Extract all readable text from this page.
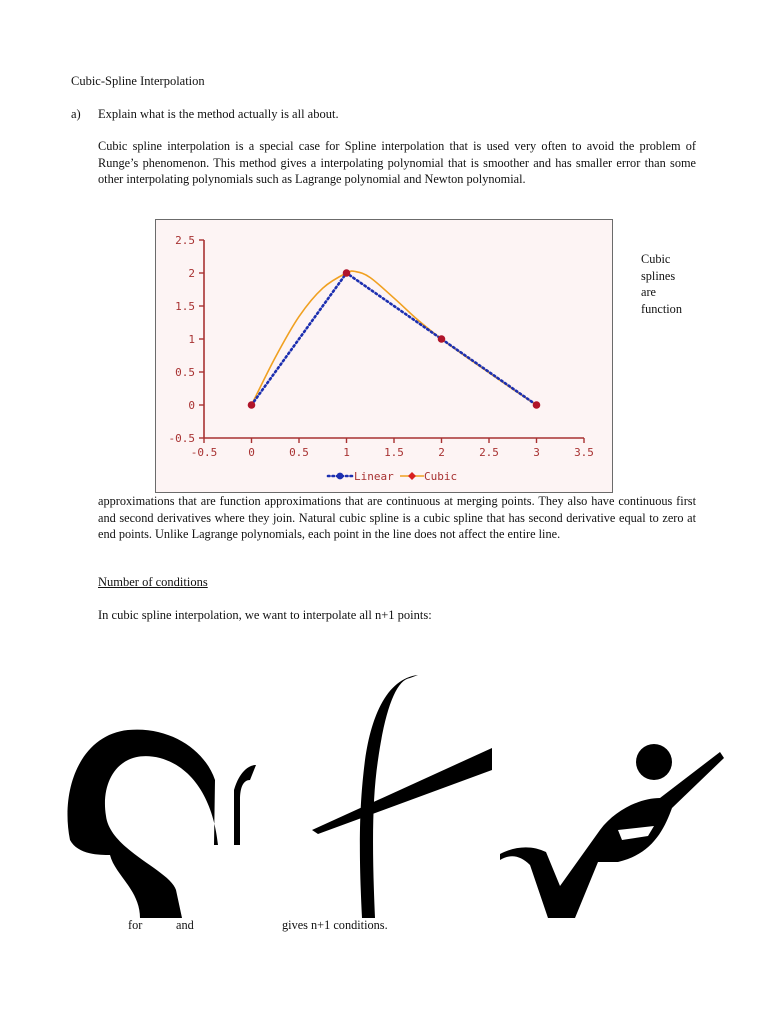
Cubic-Spline Interpolation
a) Explain what is the method actually is all about.
Cubic spline interpolation is a special case for Spline interpolation that is used very often to avoid the problem of Runge’s phenomenon. This method gives a interpolating polynomial that is smoother and has smaller error than some other interpolating polynomials such as Lagrange polynomial and Newton polynomial.
-0.5
0
0.5
1
1.5
2
2.5
-0.5	0	0.5	1	1.5	2	2.5	3	3.5
Linear	Cubic
Cubic
splines
are
function
approximations that are function approximations that are continuous at merging points. They also have continuous first and second derivatives where they join. Natural cubic spline is a cubic spline that has second derivative equal to zero at end points. Unlike Lagrange polynomials, each point in the line does not affect the entire line.
Number of conditions
In cubic spline interpolation, we want to interpolate all n+1 points:
for	and	gives n+1 conditions.
